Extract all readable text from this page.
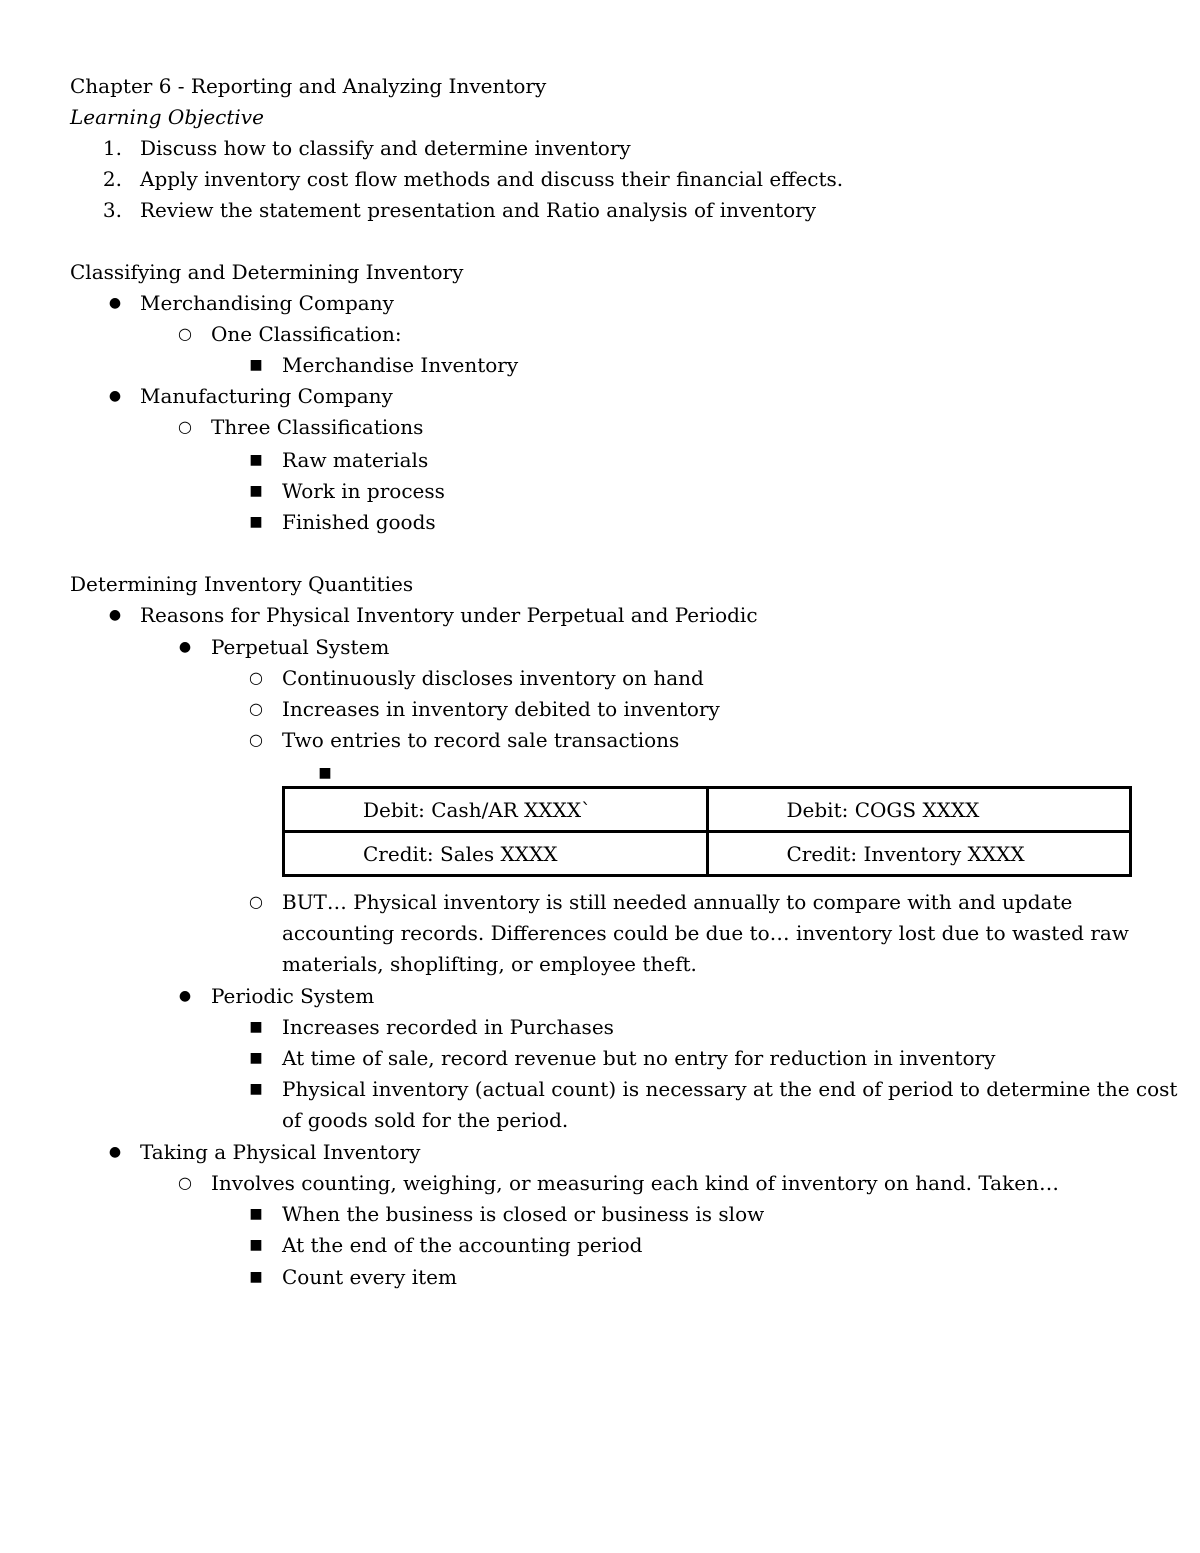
Chapter 6 - Reporting and Analyzing Inventory
Learning Objective
1. Discuss how to classify and determine inventory
2. Apply inventory cost flow methods and discuss their financial effects.
3. Review the statement presentation and Ratio analysis of inventory
Classifying and Determining Inventory
● Merchandising Company
○ One Classification:
■ Merchandise Inventory
● Manufacturing Company
○ Three Classifications
■ Raw materials
■ Work in process
■ Finished goods
Determining Inventory Quantities
● Reasons for Physical Inventory under Perpetual and Periodic
● Perpetual System
○ Continuously discloses inventory on hand
○ Increases in inventory debited to inventory
○ Two entries to record sale transactions
■
Debit: Cash/AR XXXX`	Debit: COGS XXXX
Credit: Sales XXXX	Credit: Inventory XXXX
○ BUT… Physical inventory is still needed annually to compare with and update
accounting records. Differences could be due to… inventory lost due to wasted raw
materials, shoplifting, or employee theft.
● Periodic System
■ Increases recorded in Purchases
■ At time of sale, record revenue but no entry for reduction in inventory
■ Physical inventory (actual count) is necessary at the end of period to determine the cost
of goods sold for the period.
● Taking a Physical Inventory
○ Involves counting, weighing, or measuring each kind of inventory on hand. Taken…
■ When the business is closed or business is slow
■ At the end of the accounting period
■ Count every item
